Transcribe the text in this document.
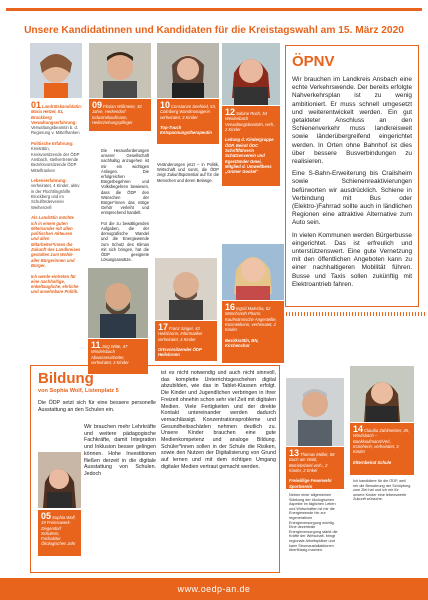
Unsere Kandidatinnen und Kandidaten für die Kreistagswahl am 15. März 2020
01Landrätskandidatin: Maria Hetzel, 51, Bruckberg
Verwaltungserfahrung:
Verwaltungsbeamtin b. d. Regierung v. Mittelfranken

Politische Erfahrung:
Kreisrätin, Kreisvorsitzende der ÖDP Ansbach, stellvertretende Bezirksvorsitzende ÖDP Mittelfranken

Lebenserfahrung:
verheiratet, 4 Kinder, aktiv in der Flüchtlingshilfe Bruckberg und im Schulförderverein Weihenzell

Als Landrätin möchte ich in einem guten Miteinander mit allen politischen Akteuren und allen Mitarbeiter*innen die Zukunft des Landkreises gestalten zum Wohle aller Bürgerinnen und Bürger.

Ich werde eintreten für eine nachhaltige, enkeltaugliche, ehrliche und ansehnbare Politik.
09Florian Wißmeier, 33 Jahre, Herkendorf Industriekaufmann, Heilerziehungspfleger
Die Herausforderungen unserer Gesellschaft nachhaltig anzugehen ist mir ein wichtiges Anliegen. Die erfolgreichen Bürgerbegehren und Volksbegehren bewiesen, dass die ÖDP den Wünschen der Bürger*innen das nötige Gehör verleiht und entsprechend handelt.

Für die zu bewältigenden Aufgaben, die der demografische Wandel und die Energiewende zum Schutz des Klimas mit sich bringen, hat die ÖDP geeignete Lösungsansätze.
10Constanze Seefried, 53, Colmberg Wandmonagerin verheiratet, 3 Kinder

Top-Touch Entspannungstherapeutin
Veränderungen jetzt – in Politik, Wirtschaft und sonst, die ÖDP zeigt Zukunftspotential auf für die Menschen und deren Belange.
12Sabine Roch, 54 Weidenbach Verwaltungsbeamtin, verh., 2 Kinder

Leitung d. Kindergruppe ÖDP, Beirat ÖDC Schriftführerin Schützenverein und Egestämder Gmei, Mitglied d. Umweltbens „Grüner Gockel“
ÖPNV

Wir brauchen im Landkreis Ansbach eine echte Verkehrswende. Der bereits erfolgte Nahverkehrsplan ist zu wenig ambitioniert. Er muss schnell umgesetzt und weiterentwickelt werden. Ein gut getakteter Anschluss an den Schienenverkehr muss landkreisweit sowie länderübergreifend eingerichtet werden. In Orten ohne Bahnhof ist dies über bessere Busverbindungen zu realisieren.

Eine S-Bahn-Erweiterung bis Crailsheim sowie Schienenreaktivierungen befürworten wir ausdrücklich. Schiene in Verbindung mit Bus oder (Elektro-)Fahrrad sollte auch in ländlichen Regionen eine attraktive Alternative zum Auto sein.

In vielen Kommunen werden Bürgerbusse eingerichtet. Das ist erfreulich und unterstützenswert. Eine gute Vernetzung mit den öffentlichen Angeboten kann zu einer nachhaltigeren Mobilität führen. Busse und Taxis sollen zukünftig mit Elektroantrieb fahren.

11Jürg Witte, 47 Windelsbach Abwasserarbeiter, verheiratet, 3 Kinder
17Franz Singer, 43 Heilsbronn, Informatiker verheiratet, 4 Kinder

Ortsvorsitzender ÖDP Heilsbronn
16Ingrid Malecha, 62 Münchsroth Pharm. Kaufmännische Angestellte, Kosmetikerin, verheiratet, 2 Kinder

Bezirksrätin, BN, Kirchenchor
Bildung
von Sophia Wolf, Listenplatz 5
Die ÖDP setzt sich für eine bessere personelle Ausstattung an den Schulen ein.
05Sophia Wolf, 19 Freinsowerk-Ziegendorf Schülerin, Fachabitur Ökologisches Jahr
Wir brauchen mehr Lehrkräfte und weitere pädagogische Fachkräfte, damit Integration und Inklusion besser gelingen können. Hohe Investitionen fließen derzeit in die digitale Ausstattung von Schulen. Jedoch
ist es nicht notwendig und auch nicht sinnvoll, das komplette Unterrichtsgeschehen digital abzubilden, wie das in Tablet-Klassen erfolgt. Die Kinder und Jugendlichen verbringen in ihrer Freizeit ohnehin schon sehr viel Zeit mit digitalen Medien. Viele Fertigkeiten und der direkte Kontakt untereinander werden dadurch vernachlässigt. Konzentrationsprobleme und Gesundheitsschäden nehmen deutlich zu. Unsere Kinder brauchen eine gute Medienkompetenz und analoge Bildung. Schüler*innen sollen in der Schule die Risiken, sowie den Nutzen der Digitalisierung von Grund auf lernen und mit dem richtigen Umgang digitaler Medien vertraut gemacht werden.
13Thomas Müller, 58 Buch am Wald, Betriebsbeirl.verh., 2 Kinder, 2 Enkel

Freiwillige Feuerwehr Sportverein
Neben einer allgemeinen Stärkung der ökologischen Aspekte im täglichen Leben und Wirtschaften ist mir die Energiewende hin zur regenerativen Energieversorgung wichtig. Eine dezentrale Energieversorgung stärkt die Kräfte der Wirtschaft, bringt regionale Arbeitsplätze und kann Stromausfallaktionen überflüssig machen.
14Claudia Zahlmeister, 45, Windsbach – Bankkaufmann/Verl., Erzieherin, verheiratet, 3 Kinder

Elternbeirat Schule
Ich kandidiere für die ÖDP, weil mir die Bewahrung der Schöpfung zum Ziel hat und ich mir für unsere Kinder eine lebenswerte Zukunft wünsche.
www.oedp-an.de
